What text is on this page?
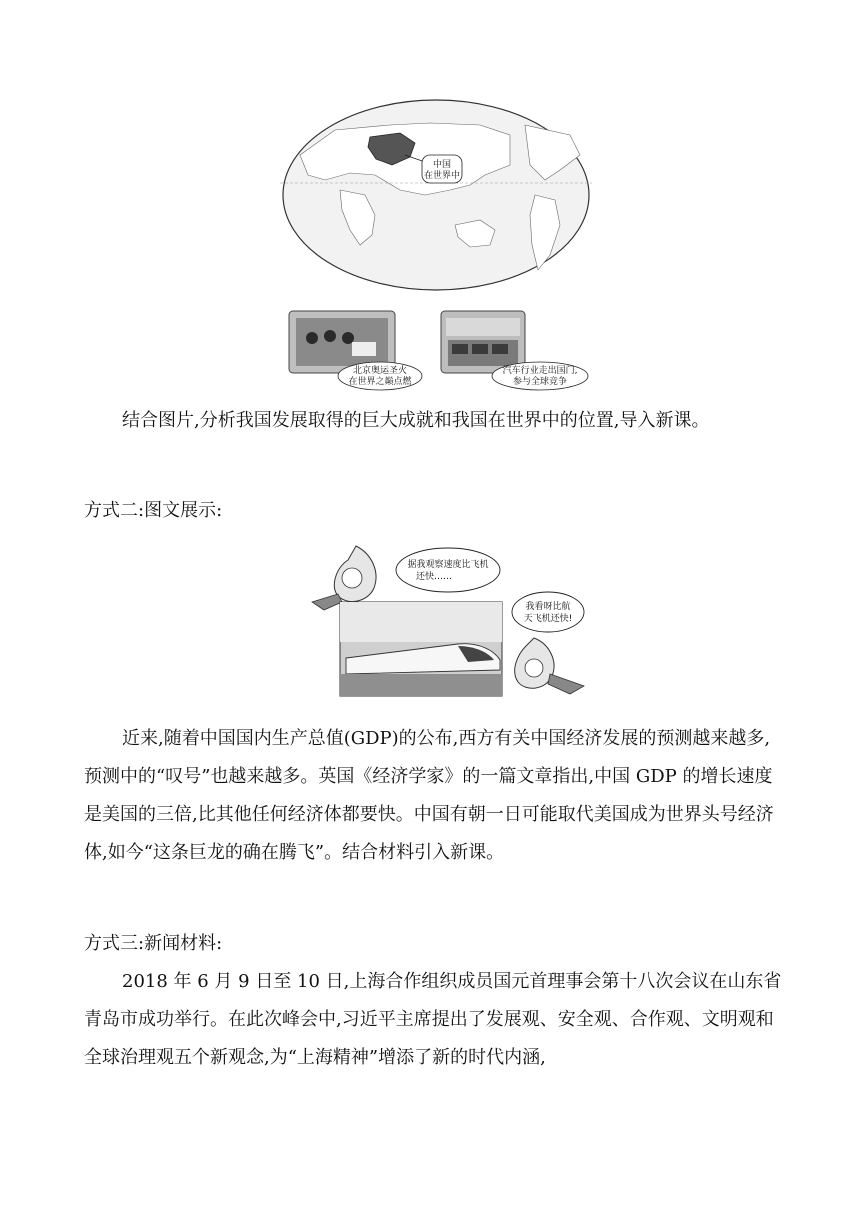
中国
在世界中
北京奥运圣火
在世界之巅点燃
汽车行业走出国门,
参与全球竞争
结合图片,分析我国发展取得的巨大成就和我国在世界中的位置,导入新课。
方式二:图文展示:
据我观察速度比飞机
还快……
我看呀比航
天飞机还快!
近来,随着中国国内生产总值(GDP)的公布,西方有关中国经济发展的预测越来越多,预测中的“叹号”也越来越多。英国《经济学家》的一篇文章指出,中国 GDP 的增长速度是美国的三倍,比其他任何经济体都要快。中国有朝一日可能取代美国成为世界头号经济体,如今“这条巨龙的确在腾飞”。结合材料引入新课。
方式三:新闻材料:
2018 年 6 月 9 日至 10 日,上海合作组织成员国元首理事会第十八次会议在山东省青岛市成功举行。在此次峰会中,习近平主席提出了发展观、安全观、合作观、文明观和全球治理观五个新观念,为“上海精神”增添了新的时代内涵,
